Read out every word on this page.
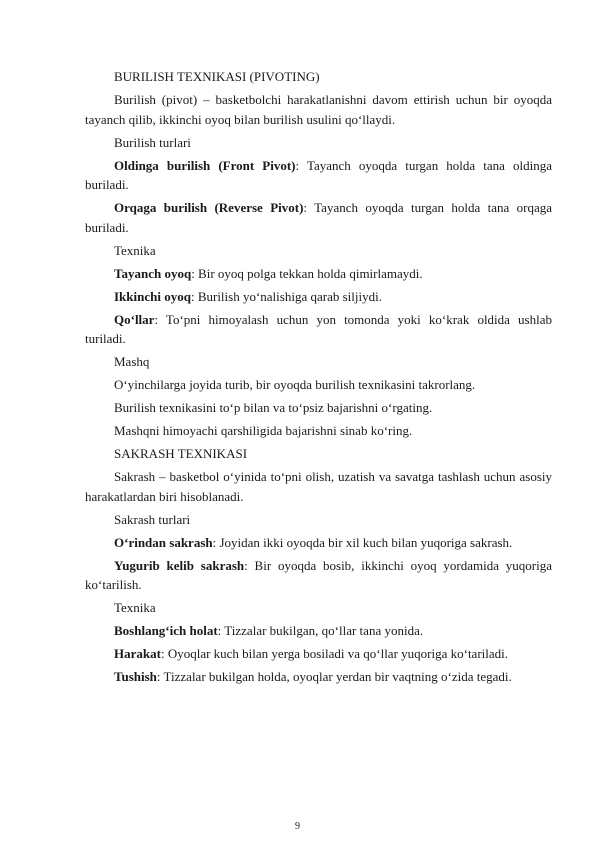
BURILISH TEXNIKASI (PIVOTING)

Burilish (pivot) – basketbolchi harakatlanishni davom ettirish uchun bir oyoqda tayanch qilib, ikkinchi oyoq bilan burilish usulini qo‘llaydi.

Burilish turlari

Oldinga burilish (Front Pivot): Tayanch oyoqda turgan holda tana oldinga buriladi.

Orqaga burilish (Reverse Pivot): Tayanch oyoqda turgan holda tana orqaga buriladi.

Texnika

Tayanch oyoq: Bir oyoq polga tekkan holda qimirlamaydi.

Ikkinchi oyoq: Burilish yo‘nalishiga qarab siljiydi.

Qo‘llar: To‘pni himoyalash uchun yon tomonda yoki ko‘krak oldida ushlab turiladi.

Mashq

O‘yinchilarga joyida turib, bir oyoqda burilish texnikasini takrorlang.

Burilish texnikasini to‘p bilan va to‘psiz bajarishni o‘rgating.

Mashqni himoyachi qarshiligida bajarishni sinab ko‘ring.

SAKRASH TEXNIKASI

Sakrash – basketbol o‘yinida to‘pni olish, uzatish va savatga tashlash uchun asosiy harakatlardan biri hisoblanadi.

Sakrash turlari

O‘rindan sakrash: Joyidan ikki oyoqda bir xil kuch bilan yuqoriga sakrash.

Yugurib kelib sakrash: Bir oyoqda bosib, ikkinchi oyoq yordamida yuqoriga ko‘tarilish.

Texnika

Boshlang‘ich holat: Tizzalar bukilgan, qo‘llar tana yonida.

Harakat: Oyoqlar kuch bilan yerga bosiladi va qo‘llar yuqoriga ko‘tariladi.

Tushish: Tizzalar bukilgan holda, oyoqlar yerdan bir vaqtning o‘zida tegadi.

9
